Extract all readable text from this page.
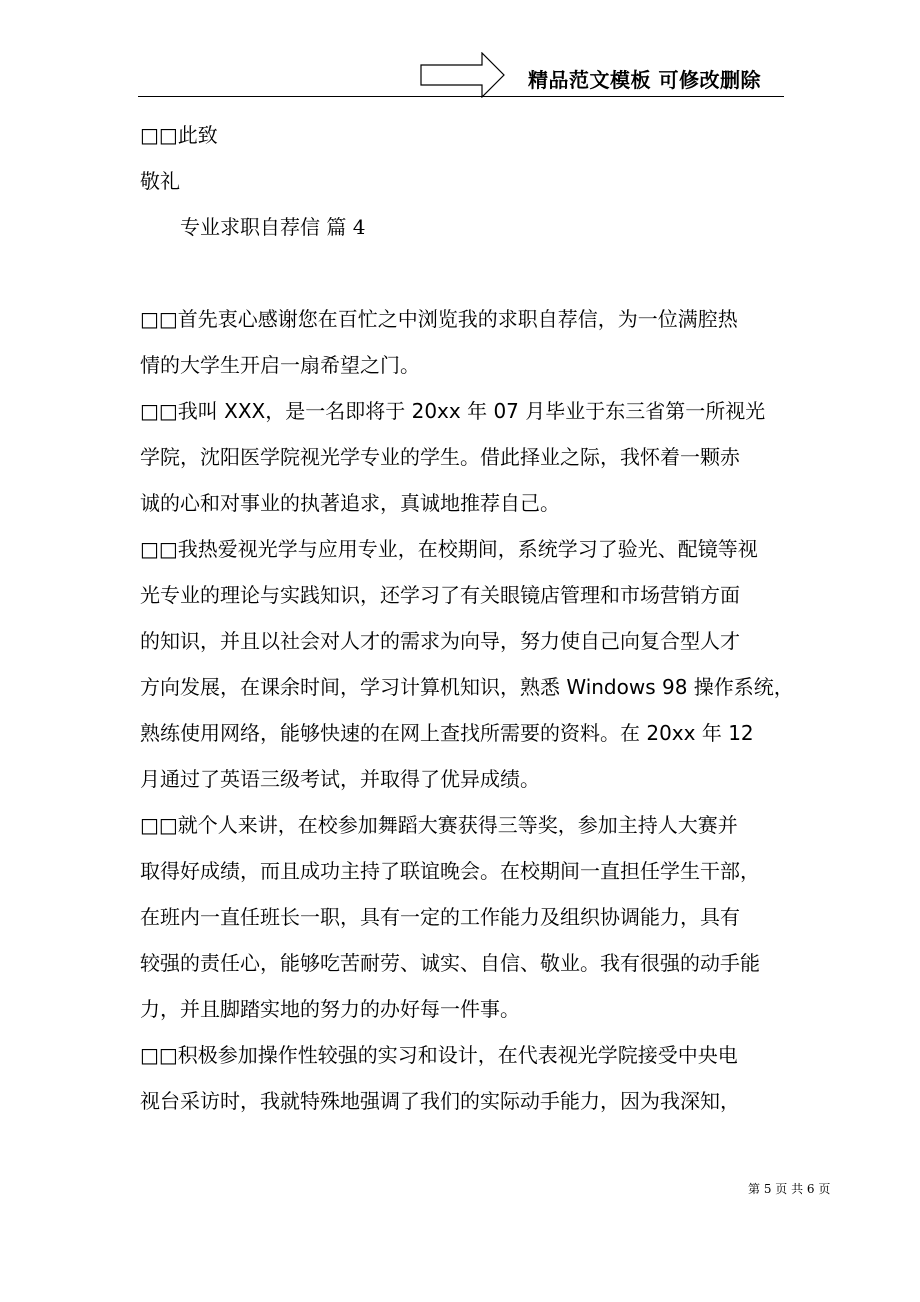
精品范文模板 可修改删除
□□此致
敬礼
专业求职自荐信 篇 4
□□首先衷心感谢您在百忙之中浏览我的求职自荐信，为一位满腔热
情的大学生开启一扇希望之门。
□□我叫 XXX，是一名即将于 20xx 年 07 月毕业于东三省第一所视光
学院，沈阳医学院视光学专业的学生。借此择业之际，我怀着一颗赤
诚的心和对事业的执著追求，真诚地推荐自己。
□□我热爱视光学与应用专业，在校期间，系统学习了验光、配镜等视
光专业的理论与实践知识，还学习了有关眼镜店管理和市场营销方面
的知识，并且以社会对人才的需求为向导，努力使自己向复合型人才
方向发展，在课余时间，学习计算机知识，熟悉 Windows 98 操作系统，
熟练使用网络，能够快速的在网上查找所需要的资料。在 20xx 年 12
月通过了英语三级考试，并取得了优异成绩。
□□就个人来讲，在校参加舞蹈大赛获得三等奖，参加主持人大赛并
取得好成绩，而且成功主持了联谊晚会。在校期间一直担任学生干部，
在班内一直任班长一职，具有一定的工作能力及组织协调能力，具有
较强的责任心，能够吃苦耐劳、诚实、自信、敬业。我有很强的动手能
力，并且脚踏实地的努力的办好每一件事。
□□积极参加操作性较强的实习和设计，在代表视光学院接受中央电
视台采访时，我就特殊地强调了我们的实际动手能力，因为我深知，
第 5 页 共 6 页
